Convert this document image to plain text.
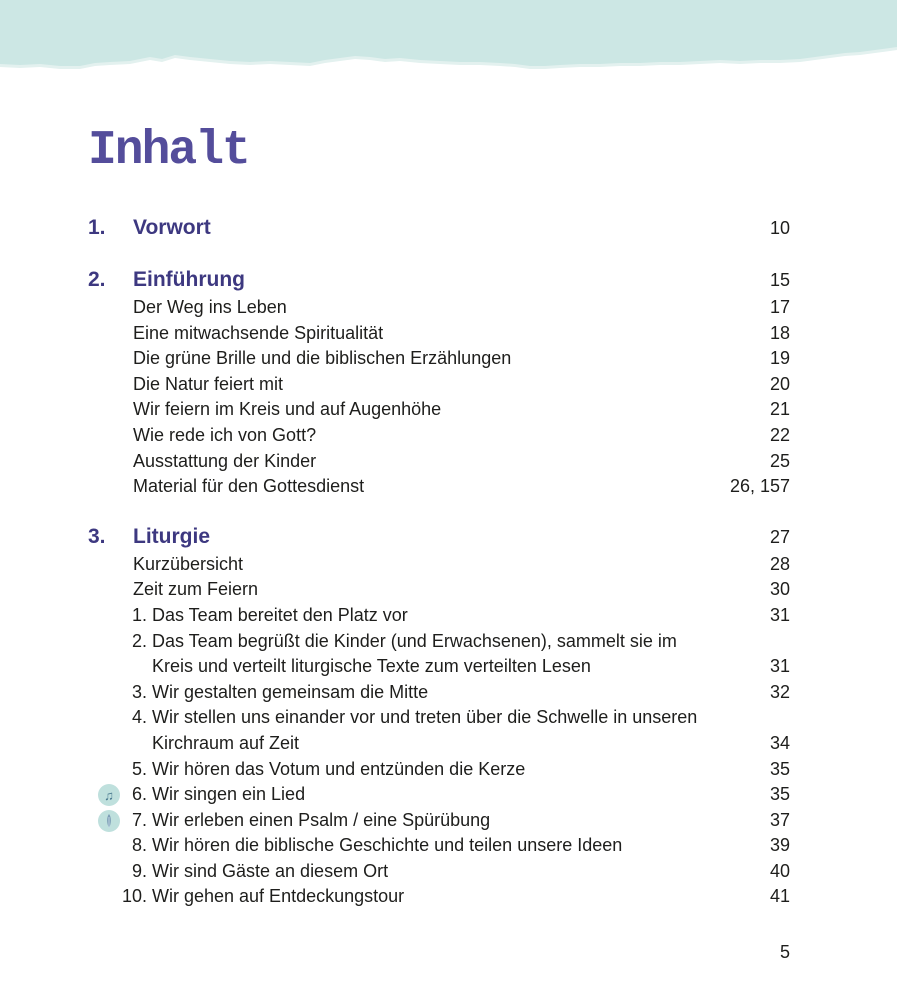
Inhalt
1.	Vorwort	10
2.	Einführung	15
Der Weg ins Leben	17
Eine mitwachsende Spiritualität	18
Die grüne Brille und die biblischen Erzählungen	19
Die Natur feiert mit	20
Wir feiern im Kreis und auf Augenhöhe	21
Wie rede ich von Gott?	22
Ausstattung der Kinder	25
Material für den Gottesdienst	26, 157
3.	Liturgie	27
Kurzübersicht	28
Zeit zum Feiern	30
1. Das Team bereitet den Platz vor	31
2. Das Team begrüßt die Kinder (und Erwachsenen), sammelt sie im
Kreis und verteilt liturgische Texte zum verteilten Lesen	31
3. Wir gestalten gemeinsam die Mitte	32
4. Wir stellen uns einander vor und treten über die Schwelle in unseren
Kirchraum auf Zeit	34
5. Wir hören das Votum und entzünden die Kerze	35
♫	6. Wir singen ein Lied	35
7. Wir erleben einen Psalm / eine Spürübung	37
8. Wir hören die biblische Geschichte und teilen unsere Ideen	39
9. Wir sind Gäste an diesem Ort	40
10. Wir gehen auf Entdeckungstour	41
5
